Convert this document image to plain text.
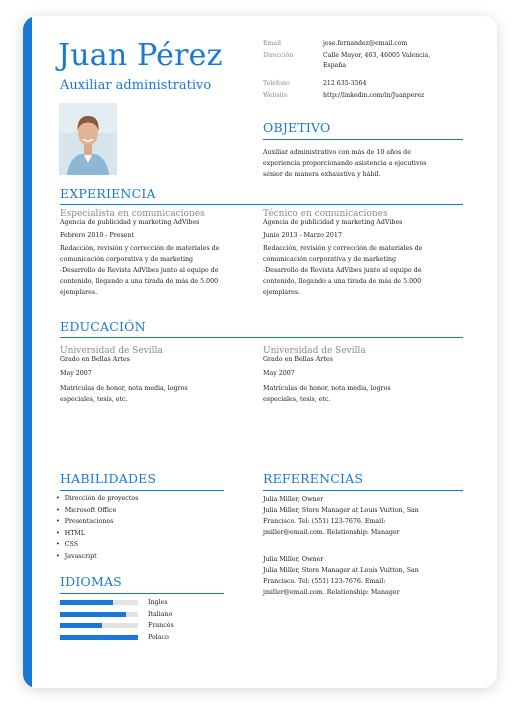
Juan Pérez
Auxiliar administrativo
Email	jose.fernandez@email.com
Dirección	Calle Mayor, 463, 46005 Valencia,
España
Teléfono	212 635-3564
Website	http://linkedin.com/in/Juanperez
OBJETIVO
Auxiliar administrativo con más de 10 años de
experiencia proporcionando asistencia a ejecutivos
sénior de manera exhaustiva y hábil.
EXPERIENCIA
Especialista en comunicaciones
Agencia de publicidad y marketing AdVibes
Febrero 2010 - Present
Redacción, revisión y corrección de materiales de
comunicación corporativa y de marketing
-Desarrollo de Revista AdVibes junto al equipo de
contenido, llegando a una tirada de más de 5.000
ejemplares.
Técnico en comunicaciones
Agencia de publicidad y marketing AdVibes
Junio 2013 - Marzo 2017
Redacción, revisión y corrección de materiales de
comunicación corporativa y de marketing
-Desarrollo de Revista AdVibes junto al equipo de
contenido, llegando a una tirada de más de 5.000
ejemplares.
EDUCACIÓN
Universidad de Sevilla
Grado en Bellas Artes
May 2007
Matrículas de honor, nota media, logros
especiales, tesis, etc.
Universidad de Sevilla
Grado en Bellas Artes
May 2007
Matrículas de honor, nota media, logros
especiales, tesis, etc.
HABILIDADES
• Dirección de proyectos
• Microsoft Office
• Presentaciones
• HTML
• CSS
• Javascript
IDIOMAS
Ingles
Italiano
Francés
Polaco
REFERENCIAS
Julia Miller, Owner
Julia Miller, Store Manager at Louis Vuitton, San
Francisco. Tel: (551) 123-7676. Email:
jmiller@email.com. Relationship: Manager
Julia Miller, Owner
Julia Miller, Store Manager at Louis Vuitton, San
Francisco. Tel: (551) 123-7676. Email:
jmiller@email.com. Relationship: Manager
